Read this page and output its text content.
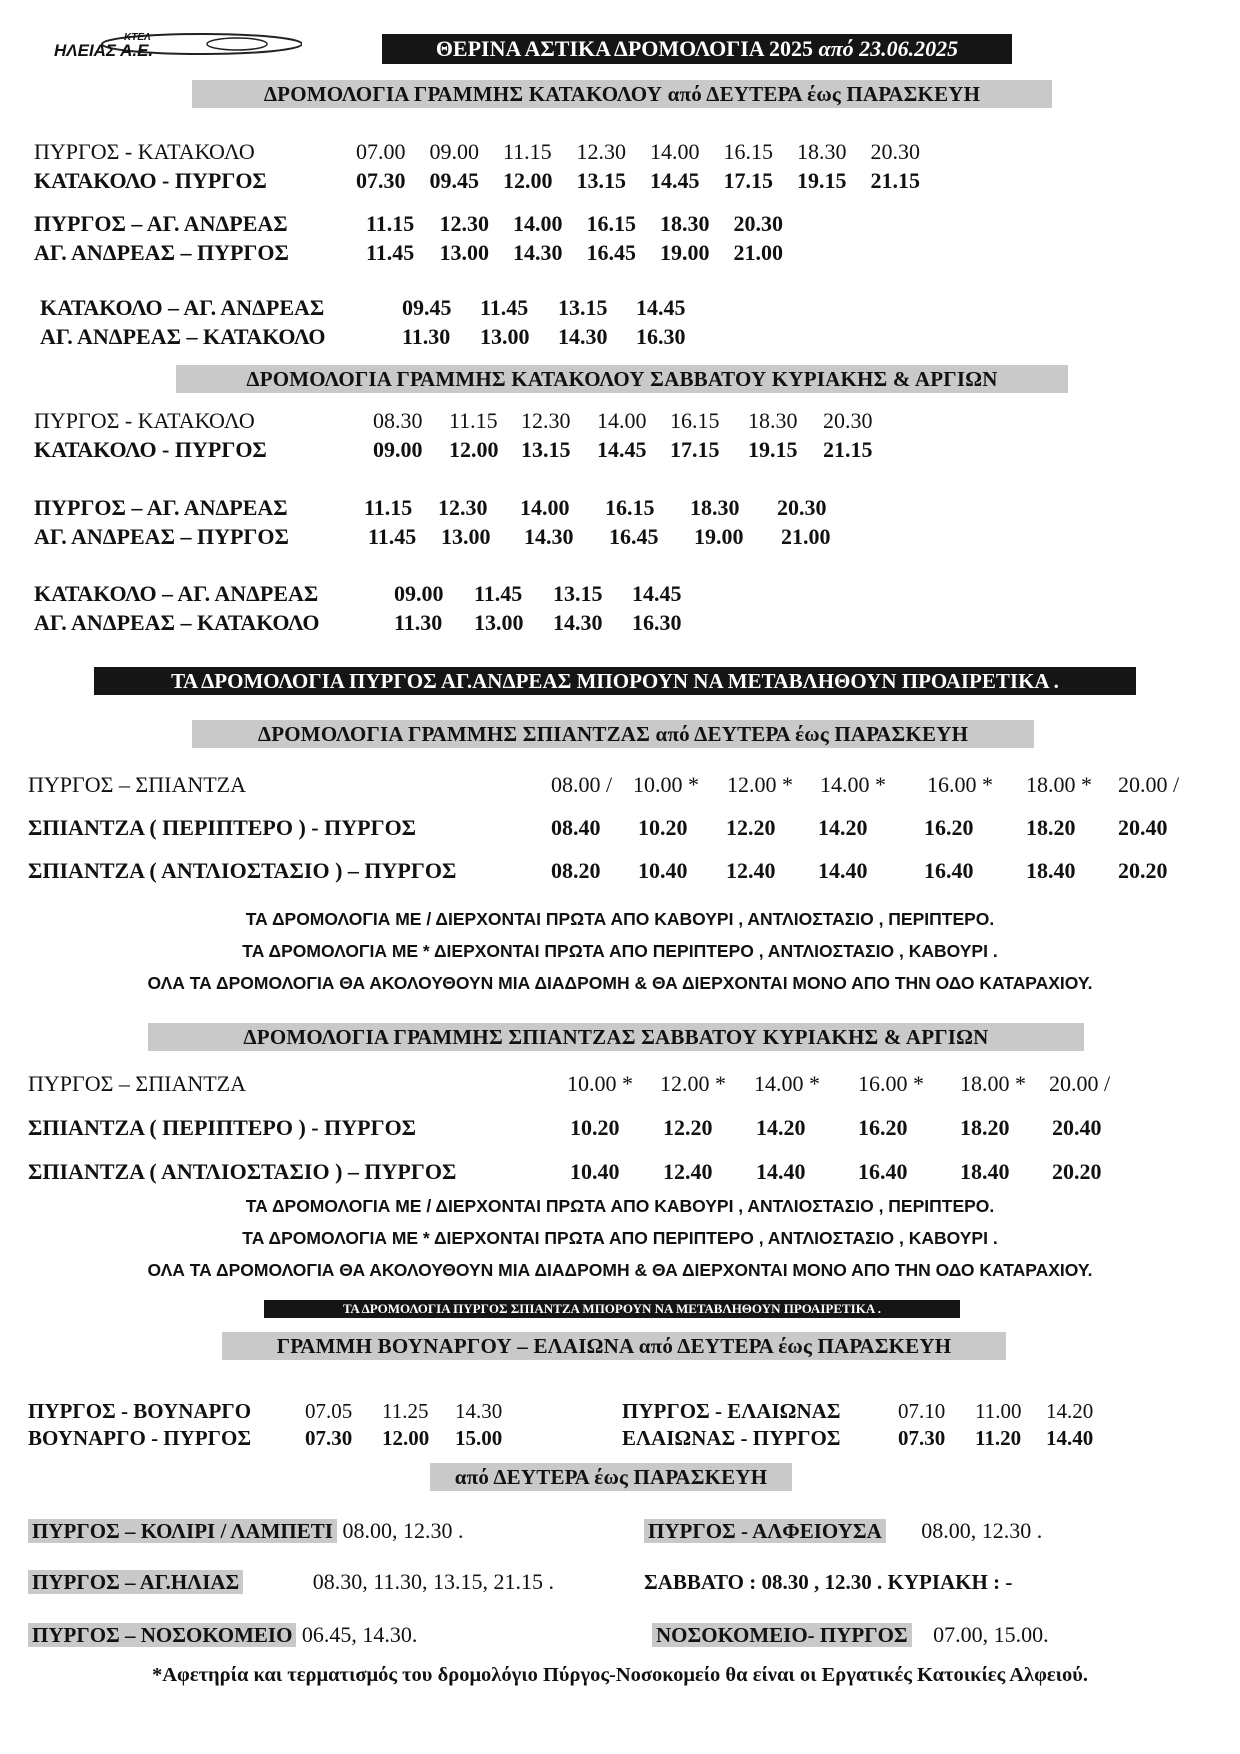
ΚΤΕΛ
ΗΛΕΙΑΣ Α.Ε.	ΘΕΡΙΝΑ ΑΣΤΙΚΑ ΔΡΟΜΟΛΟΓΙΑ 2025 από 23.06.2025
ΔΡΟΜΟΛΟΓΙΑ ΓΡΑΜΜΗΣ ΚΑΤΑΚΟΛΟΥ από ΔΕΥΤΕΡΑ έως ΠΑΡΑΣΚΕΥΗ
ΠΥΡΓΟΣ - ΚΑΤΑΚΟΛΟ	07.00 09.00 11.15 12.30 14.00 16.15 18.30 20.30
ΚΑΤΑΚΟΛΟ - ΠΥΡΓΟΣ	07.30 09.45 12.00 13.15 14.45 17.15 19.15 21.15
ΠΥΡΓΟΣ – ΑΓ. ΑΝΔΡΕΑΣ	11.15 12.30 14.00 16.15 18.30 20.30
ΑΓ. ΑΝΔΡΕΑΣ – ΠΥΡΓΟΣ	11.45 13.00 14.30 16.45 19.00 21.00
ΚΑΤΑΚΟΛΟ – ΑΓ. ΑΝΔΡΕΑΣ	09.45 11.45 13.15 14.45
ΑΓ. ΑΝΔΡΕΑΣ – ΚΑΤΑΚΟΛΟ	11.30 13.00 14.30 16.30
ΔΡΟΜΟΛΟΓΙΑ ΓΡΑΜΜΗΣ ΚΑΤΑΚΟΛΟΥ ΣΑΒΒΑΤΟΥ ΚΥΡΙΑΚΗΣ & ΑΡΓΙΩΝ
ΠΥΡΓΟΣ - ΚΑΤΑΚΟΛΟ	08.30 11.15 12.30 14.00 16.15 18.30 20.30
ΚΑΤΑΚΟΛΟ - ΠΥΡΓΟΣ	09.00 12.00 13.15 14.45 17.15 19.15 21.15
ΠΥΡΓΟΣ – ΑΓ. ΑΝΔΡΕΑΣ	11.15 12.30 14.00 16.15 18.30 20.30
ΑΓ. ΑΝΔΡΕΑΣ – ΠΥΡΓΟΣ	11.45 13.00 14.30 16.45 19.00 21.00
ΚΑΤΑΚΟΛΟ – ΑΓ. ΑΝΔΡΕΑΣ	09.00 11.45 13.15 14.45
ΑΓ. ΑΝΔΡΕΑΣ – ΚΑΤΑΚΟΛΟ	11.30 13.00 14.30 16.30
ΤΑ ΔΡΟΜΟΛΟΓΙΑ ΠΥΡΓΟΣ ΑΓ.ΑΝΔΡΕΑΣ ΜΠΟΡΟΥΝ ΝΑ ΜΕΤΑΒΛΗΘΟΥΝ ΠΡΟΑΙΡΕΤΙΚΑ .
ΔΡΟΜΟΛΟΓΙΑ ΓΡΑΜΜΗΣ ΣΠΙΑΝΤΖΑΣ από ΔΕΥΤΕΡΑ έως ΠΑΡΑΣΚΕΥΗ
ΠΥΡΓΟΣ – ΣΠΙΑΝΤΖΑ	08.00 / 10.00 * 12.00 * 14.00 * 16.00 * 18.00 * 20.00 /
ΣΠΙΑΝΤΖΑ ( ΠΕΡΙΠΤΕΡΟ ) - ΠΥΡΓΟΣ	08.40 10.20 12.20 14.20	16.20 18.20 20.40
ΣΠΙΑΝΤΖΑ ( ΑΝΤΛΙΟΣΤΑΣΙΟ ) – ΠΥΡΓΟΣ	08.20 10.40 12.40 14.40	16.40 18.40 20.20
ΤΑ ΔΡΟΜΟΛΟΓΙΑ ΜΕ / ΔΙΕΡΧΟΝΤΑΙ ΠΡΩΤΑ ΑΠΟ ΚΑΒΟΥΡΙ , ΑΝΤΛΙΟΣΤΑΣΙΟ , ΠΕΡΙΠΤΕΡΟ.
ΤΑ ΔΡΟΜΟΛΟΓΙΑ ΜΕ * ΔΙΕΡΧΟΝΤΑΙ ΠΡΩΤΑ ΑΠΟ ΠΕΡΙΠΤΕΡΟ , ΑΝΤΛΙΟΣΤΑΣΙΟ , ΚΑΒΟΥΡΙ .
ΟΛΑ ΤΑ ΔΡΟΜΟΛΟΓΙΑ ΘΑ ΑΚΟΛΟΥΘΟΥΝ ΜΙΑ ΔΙΑΔΡΟΜΗ & ΘΑ ΔΙΕΡΧΟΝΤΑΙ ΜΟΝΟ ΑΠΟ ΤΗΝ ΟΔΟ ΚΑΤΑΡΑΧΙΟΥ.
ΔΡΟΜΟΛΟΓΙΑ ΓΡΑΜΜΗΣ ΣΠΙΑΝΤΖΑΣ ΣΑΒΒΑΤΟΥ ΚΥΡΙΑΚΗΣ & ΑΡΓΙΩΝ
ΠΥΡΓΟΣ – ΣΠΙΑΝΤΖΑ	10.00 * 12.00 * 14.00 * 16.00 * 18.00 * 20.00 /
ΣΠΙΑΝΤΖΑ ( ΠΕΡΙΠΤΕΡΟ ) - ΠΥΡΓΟΣ	10.20 12.20 14.20 16.20 18.20 20.40
ΣΠΙΑΝΤΖΑ ( ΑΝΤΛΙΟΣΤΑΣΙΟ ) – ΠΥΡΓΟΣ	10.40 12.40 14.40 16.40 18.40 20.20
ΤΑ ΔΡΟΜΟΛΟΓΙΑ ΜΕ / ΔΙΕΡΧΟΝΤΑΙ ΠΡΩΤΑ ΑΠΟ ΚΑΒΟΥΡΙ , ΑΝΤΛΙΟΣΤΑΣΙΟ , ΠΕΡΙΠΤΕΡΟ.
ΤΑ ΔΡΟΜΟΛΟΓΙΑ ΜΕ * ΔΙΕΡΧΟΝΤΑΙ ΠΡΩΤΑ ΑΠΟ ΠΕΡΙΠΤΕΡΟ , ΑΝΤΛΙΟΣΤΑΣΙΟ , ΚΑΒΟΥΡΙ .
ΟΛΑ ΤΑ ΔΡΟΜΟΛΟΓΙΑ ΘΑ ΑΚΟΛΟΥΘΟΥΝ ΜΙΑ ΔΙΑΔΡΟΜΗ & ΘΑ ΔΙΕΡΧΟΝΤΑΙ ΜΟΝΟ ΑΠΟ ΤΗΝ ΟΔΟ ΚΑΤΑΡΑΧΙΟΥ.
ΤΑ ΔΡΟΜΟΛΟΓΙΑ ΠΥΡΓΟΣ ΣΠΙΑΝΤΖΑ ΜΠΟΡΟΥΝ ΝΑ ΜΕΤΑΒΛΗΘΟΥΝ ΠΡΟΑΙΡΕΤΙΚΑ .
ΓΡΑΜΜΗ ΒΟΥΝΑΡΓΟΥ – ΕΛΑΙΩΝΑ από ΔΕΥΤΕΡΑ έως ΠΑΡΑΣΚΕΥΗ
ΠΥΡΓΟΣ - ΒΟΥΝΑΡΓΟ	07.05 11.25 14.30
ΒΟΥΝΑΡΓΟ - ΠΥΡΓΟΣ	07.30 12.00 15.00
ΠΥΡΓΟΣ - ΕΛΑΙΩΝΑΣ	07.10 11.00 14.20
ΕΛΑΙΩΝΑΣ - ΠΥΡΓΟΣ	07.30 11.20 14.40
από ΔΕΥΤΕΡΑ έως ΠΑΡΑΣΚΕΥΗ
ΠΥΡΓΟΣ – ΚΟΛΙΡΙ / ΛΑΜΠΕΤΙ 08.00, 12.30 .	ΠΥΡΓΟΣ - ΑΛΦΕΙΟΥΣΑ 08.00, 12.30 .
ΠΥΡΓΟΣ – ΑΓ.ΗΛΙΑΣ	08.30, 11.30, 13.15, 21.15 .	ΣΑΒΒΑΤΟ : 08.30 , 12.30 . ΚΥΡΙΑΚΗ : -
ΠΥΡΓΟΣ – ΝΟΣΟΚΟΜΕΙΟ 06.45, 14.30.	ΝΟΣΟΚΟΜΕΙΟ- ΠΥΡΓΟΣ 07.00, 15.00.
*Αφετηρία και τερματισμός του δρομολόγιο Πύργος-Νοσοκομείο θα είναι οι Εργατικές Κατοικίες Αλφειού.
